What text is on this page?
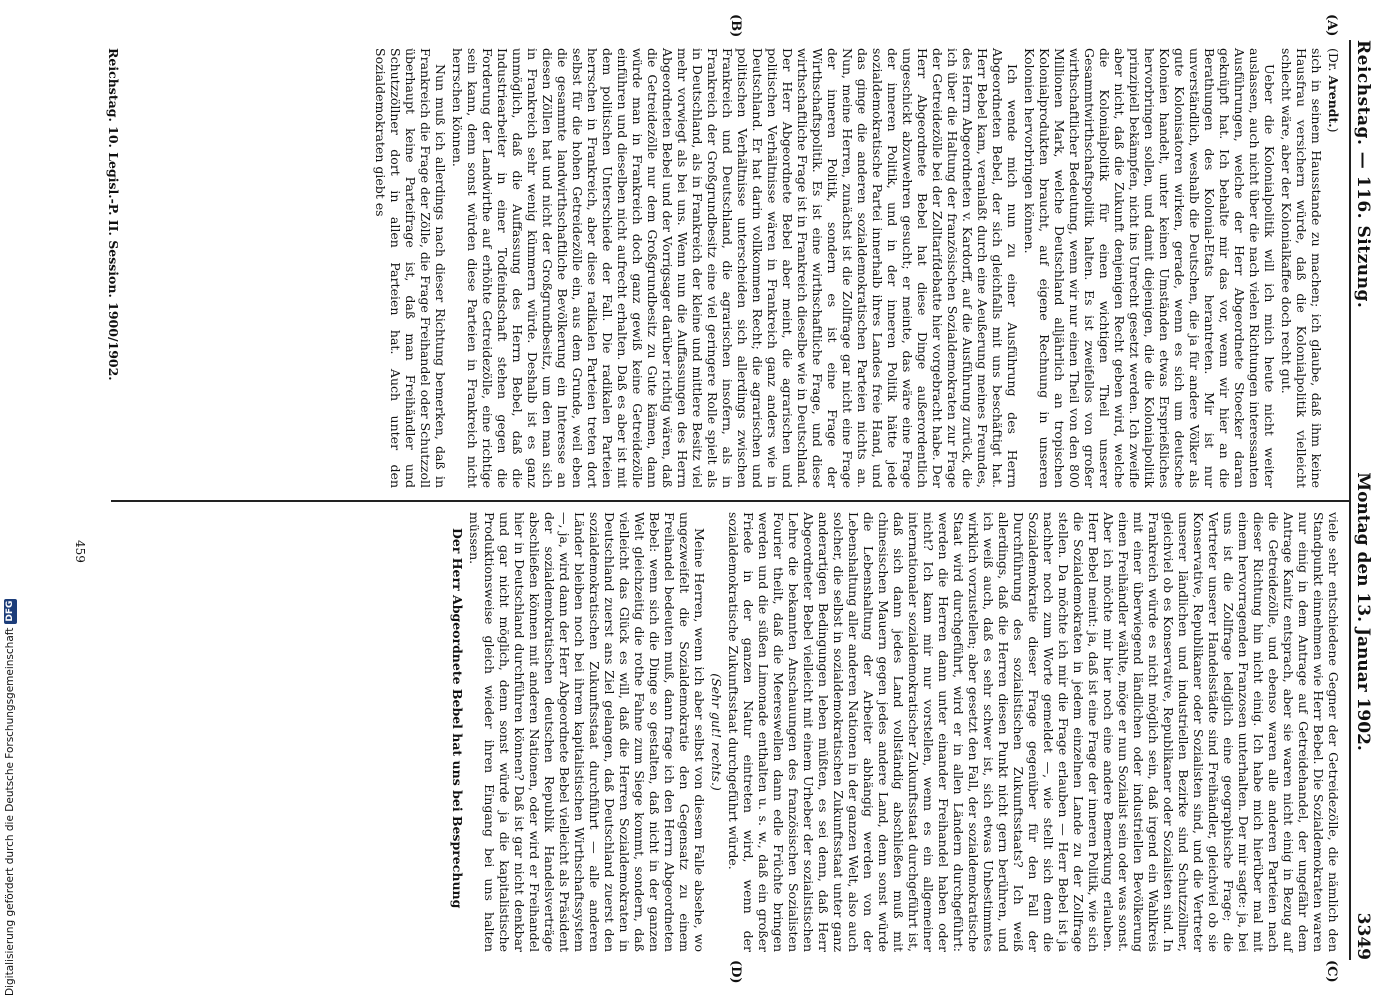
Reichstag. — 116. Sitzung.
Montag den 13. Januar 1902.  3349
(A)
(B)
(C)
(D)

(Dr. Arendt.)

sich in seinem Hausstande zu machen; ich glaube, daß ihm keine Hausfrau versichern würde, daß die Kolonialpolitik vielleicht schlecht wäre, aber der Kolonialkaffee doch recht gut.

Ueber die Kolonialpolitik will ich mich heute nicht weiter auslassen, auch nicht über die nach vielen Richtungen interessanten Ausführungen, welche der Herr Abgeordnete Stoecker daran geknüpft hat. Ich behalte mir das vor, wenn wir hier an die Berathungen des Kolonial-Etats herantreten. Mir ist nur unverständlich, weshalb die Deutschen, die ja für andere Völker als gute Kolonisatoren wirken, gerade, wenn es sich um deutsche Kolonien handelt, unter keinen Umständen etwas Ersprießliches hervorbringen sollen, und damit diejenigen, die die Kolonialpolitik prinzipiell bekämpfen, nicht ins Unrecht gesetzt werden. Ich zweifle aber nicht, daß die Zukunft denjenigen Recht geben wird, welche die Kolonialpolitik für einen wichtigen Theil unserer Gesammtwirthschaftspolitik halten. Es ist zweifellos von großer wirthschaftlicher Bedeutung, wenn wir nur einen Theil von den 800 Millionen Mark, welche Deutschland alljährlich an tropischen Kolonialprodukten braucht, auf eigene Rechnung in unseren Kolonien hervorbringen können.

Ich wende mich nun zu einer Ausführung des Herrn Abgeordneten Bebel, der sich gleichfalls mit uns beschäftigt hat. Herr Bebel kam, veranlaßt durch eine Aeußerung meines Freundes, des Herrn Abgeordneten v. Kardorff, auf die Ausführung zurück, die ich über die Haltung der französischen Sozialdemokraten zur Frage der Getreidezölle bei der Zolltarifdebatte hier vorgebracht habe. Der Herr Abgeordnete Bebel hat diese Dinge außerordentlich ungeschickt abzuwehren gesucht; er meinte, das wäre eine Frage der inneren Politik, und in der inneren Politik hätte jede sozialdemokratische Partei innerhalb ihres Landes freie Hand, und das ginge die anderen sozialdemokratischen Parteien nichts an. Nun, meine Herren, zunächst ist die Zollfrage gar nicht eine Frage der inneren Politik, sondern es ist eine Frage der Wirthschaftspolitik. Es ist eine wirthschaftliche Frage, und diese wirthschaftliche Frage ist in Frankreich dieselbe wie in Deutschland. Der Herr Abgeordnete Bebel aber meint, die agrarischen und politischen Verhältnisse wären in Frankreich ganz anders wie in Deutschland. Er hat darin vollkommen Recht; die agrarischen und politischen Verhältnisse unterscheiden sich allerdings zwischen Frankreich und Deutschland, die agrarischen insofern, als in Frankreich der Großgrundbesitz eine viel geringere Rolle spielt als in Deutschland, als in Frankreich der kleine und mittlere Besitz viel mehr vorwiegt als bei uns. Wenn nun die Auffassungen des Herrn Abgeordneten Bebel und der Vorrigsager darüber richtig wären, daß die Getreidezölle nur dem Großgrundbesitz zu Gute kämen, dann würde man in Frankreich doch ganz gewiß keine Getreidezölle einführen und dieselben nicht aufrecht erhalten. Daß es aber ist mit dem politischen Unterschiede der Fall. Die radikalen Parteien herrschen in Frankreich, aber diese radikalen Parteien treten dort selbst für die hohen Getreidezölle ein, aus dem Grunde, weil eben die gesammte landwirthschaftliche Bevölkerung ein Interesse an diesen Zöllen hat und nicht der Großgrundbesitz, um den man sich in Frankreich sehr wenig kümmern würde. Deshalb ist es ganz unmöglich, daß die Auffassung des Herrn Bebel, daß die Industriearbeiter in einer Todfeindschaft stehen gegen die Forderung der Landwirthe auf erhöhte Getreidezölle, eine richtige sein kann, denn sonst würden diese Parteien in Frankreich nicht herrschen können.

Nun muß ich allerdings nach dieser Richtung bemerken, daß in Frankreich die Frage der Zölle, die Frage Freihandel oder Schutzzoll überhaupt keine Parteifrage ist, daß man Freihändler und Schutzzöllner dort in allen Parteien hat. Auch unter den Sozialdemokraten giebt es

viele sehr entschiedene Gegner der Getreidezölle, die nämlich den Standpunkt einnehmen wie Herr Bebel. Die Sozialdemokraten waren nur einig in dem Antrage auf Getreidehandel, der ungefähr dem Antrage Kanitz entsprach, aber sie waren nicht einig in Bezug auf die Getreidezölle, und ebenso waren alle anderen Parteien nach dieser Richtung hin nicht einig. Ich habe mich hierüber mal mit einem hervorragenden Franzosen unterhalten. Der mir sagte: ja, bei uns ist die Zollfrage lediglich eine geographische Frage; die Vertreter unserer Handelsstädte sind Freihändler, gleichviel ob sie Konservative, Republikaner oder Sozialisten sind, und die Vertreter unserer ländlichen und industriellen Bezirke sind Schutzzöllner, gleichviel ob es Konservative, Republikaner oder Sozialisten sind. In Frankreich würde es nicht möglich sein, daß irgend ein Wahlkreis mit einer überwiegend ländlichen oder industriellen Bevölkerung einen Freihändler wählte, möge er nun Sozialist sein oder was sonst. Aber ich möchte mir hier noch eine andere Bemerkung erlauben. Herr Bebel meint: ja, daß ist eine Frage der inneren Politik, wie sich die Sozialdemokraten in jedem einzelnen Lande zu der Zollfrage stellen. Da möchte ich mir die Frage erlauben — Herr Bebel ist ja nachher noch zum Worte gemeldet —, wie stellt sich denn die Sozialdemokratie dieser Frage gegenüber für den Fall der Durchführung des sozialistischen Zukunftsstaats? Ich weiß allerdings, daß die Herren diesen Punkt nicht gern berühren, und ich weiß auch, daß es sehr schwer ist, sich etwas Unbestimmtes wirklich vorzustellen; aber gesetzt den Fall, der sozialdemokratische Staat wird durchgeführt, wird er in allen Ländern durchgeführt: werden die Herren dann unter einander Freihandel haben oder nicht? Ich kann mir nur vorstellen, wenn es ein allgemeiner internationaler sozialdemokratischer Zukunftsstaat durchgeführt ist, daß sich dann jedes Land vollständig abschließen muß mit chinesischen Mauern gegen jedes andere Land, denn sonst würde die Lebenshaltung der Arbeiter abhängig werden von der Lebenshaltung aller anderen Nationen in der ganzen Welt, also auch solcher, die selbst in sozialdemokratischen Zukunftsstaat unter ganz anderartigen Bedingungen leben müßten, es sei denn, daß Herr Abgeordneter Bebel vielleicht mit einem Urheber der sozialistischen Lehre die bekannten Anschauungen des französischen Sozialisten Fourier theilt, daß die Meereswellen dann edle Früchte bringen werden und die süßen Limonade enthalten u. s. w., daß ein großer Friede in der ganzen Natur eintreten wird, wenn der sozialdemokratische Zukunftsstaat durchgeführt würde.

(Sehr gut! rechts.)

Meine Herren, wenn ich aber selbst von diesem Falle absehe, wo ungezweifelt die Sozialdemokratie den Gegensatz zu einem Freihandel bedeuten muß, dann frage ich den Herrn Abgeordneten Bebel: wenn sich die Dinge so gestalten, daß nicht in der ganzen Welt gleichzeitig die rothe Fahne zum Siege kommt, sondern, daß vielleicht das Glück es will, daß die Herren Sozialdemokraten in Deutschland zuerst ans Ziel gelangen, daß Deutschland zuerst den sozialdemokratischen Zukunftsstaat durchführt — alle anderen Länder bleiben noch bei ihrem kapitalistischen Wirthschaftssystem —, ja, wird dann der Herr Abgeordnete Bebel vielleicht als Präsident der sozialdemokratischen deutschen Republik Handelsverträge abschließen können mit anderen Nationen, oder wird er Freihandel hier in Deutschland durchführen können? Daß ist gar nicht denkbar und gar nicht möglich, denn sonst würde ja die kapitalistische Produktionsweise gleich wieder ihren Eingang bei uns halten müssen.

Der Herr Abgeordnete Bebel hat uns bei Besprechung

Reichstag. 10. Legisl.-P. II. Session. 1900/1902.
459
Digitalisierung gefördert durch die Deutsche Forschungsgemeinschaft
DFG
